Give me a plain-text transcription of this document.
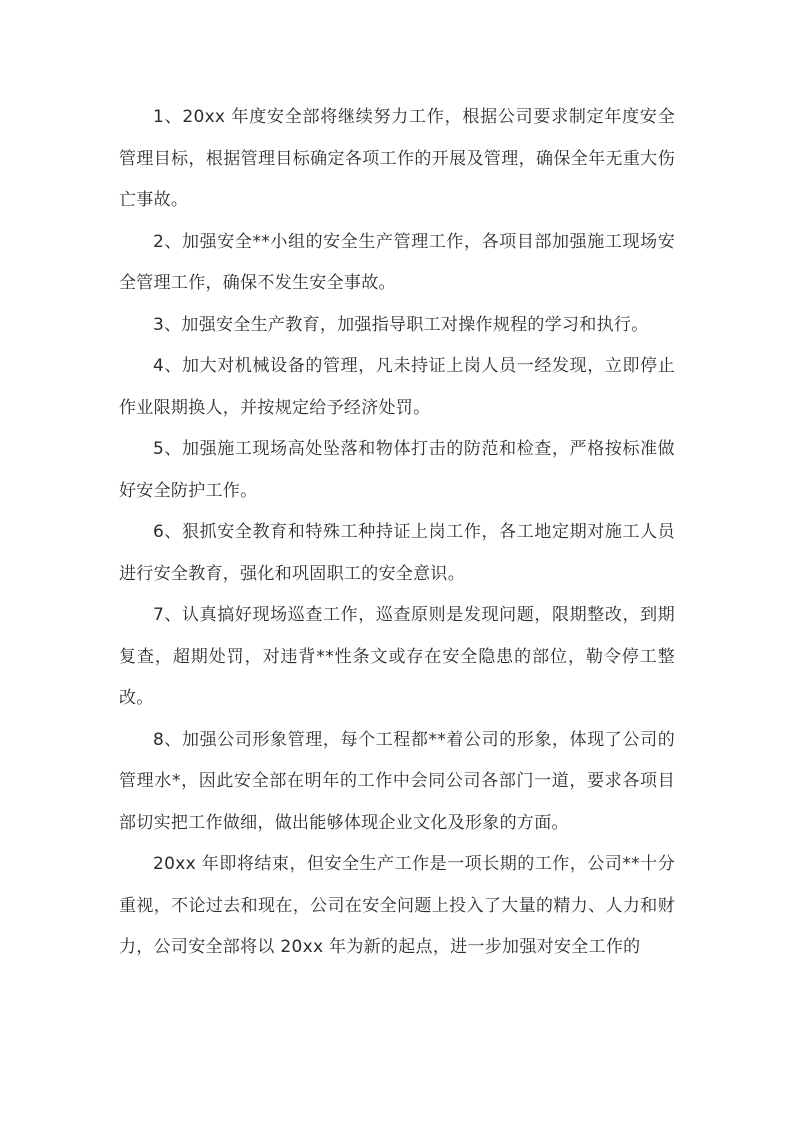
1、20xx 年度安全部将继续努力工作，根据公司要求制定年度安全管理目标，根据管理目标确定各项工作的开展及管理，确保全年无重大伤亡事故。

2、加强安全**小组的安全生产管理工作，各项目部加强施工现场安全管理工作，确保不发生安全事故。

3、加强安全生产教育，加强指导职工对操作规程的学习和执行。

4、加大对机械设备的管理，凡未持证上岗人员一经发现，立即停止作业限期换人，并按规定给予经济处罚。

5、加强施工现场高处坠落和物体打击的防范和检查，严格按标准做好安全防护工作。

6、狠抓安全教育和特殊工种持证上岗工作，各工地定期对施工人员进行安全教育，强化和巩固职工的安全意识。

7、认真搞好现场巡查工作，巡查原则是发现问题，限期整改，到期复查，超期处罚，对违背**性条文或存在安全隐患的部位，勒令停工整改。

8、加强公司形象管理，每个工程都**着公司的形象，体现了公司的管理水*，因此安全部在明年的工作中会同公司各部门一道，要求各项目部切实把工作做细，做出能够体现企业文化及形象的方面。

20xx 年即将结束，但安全生产工作是一项长期的工作，公司**十分重视，不论过去和现在，公司在安全问题上投入了大量的精力、人力和财力，公司安全部将以 20xx 年为新的起点，进一步加强对安全工作的
